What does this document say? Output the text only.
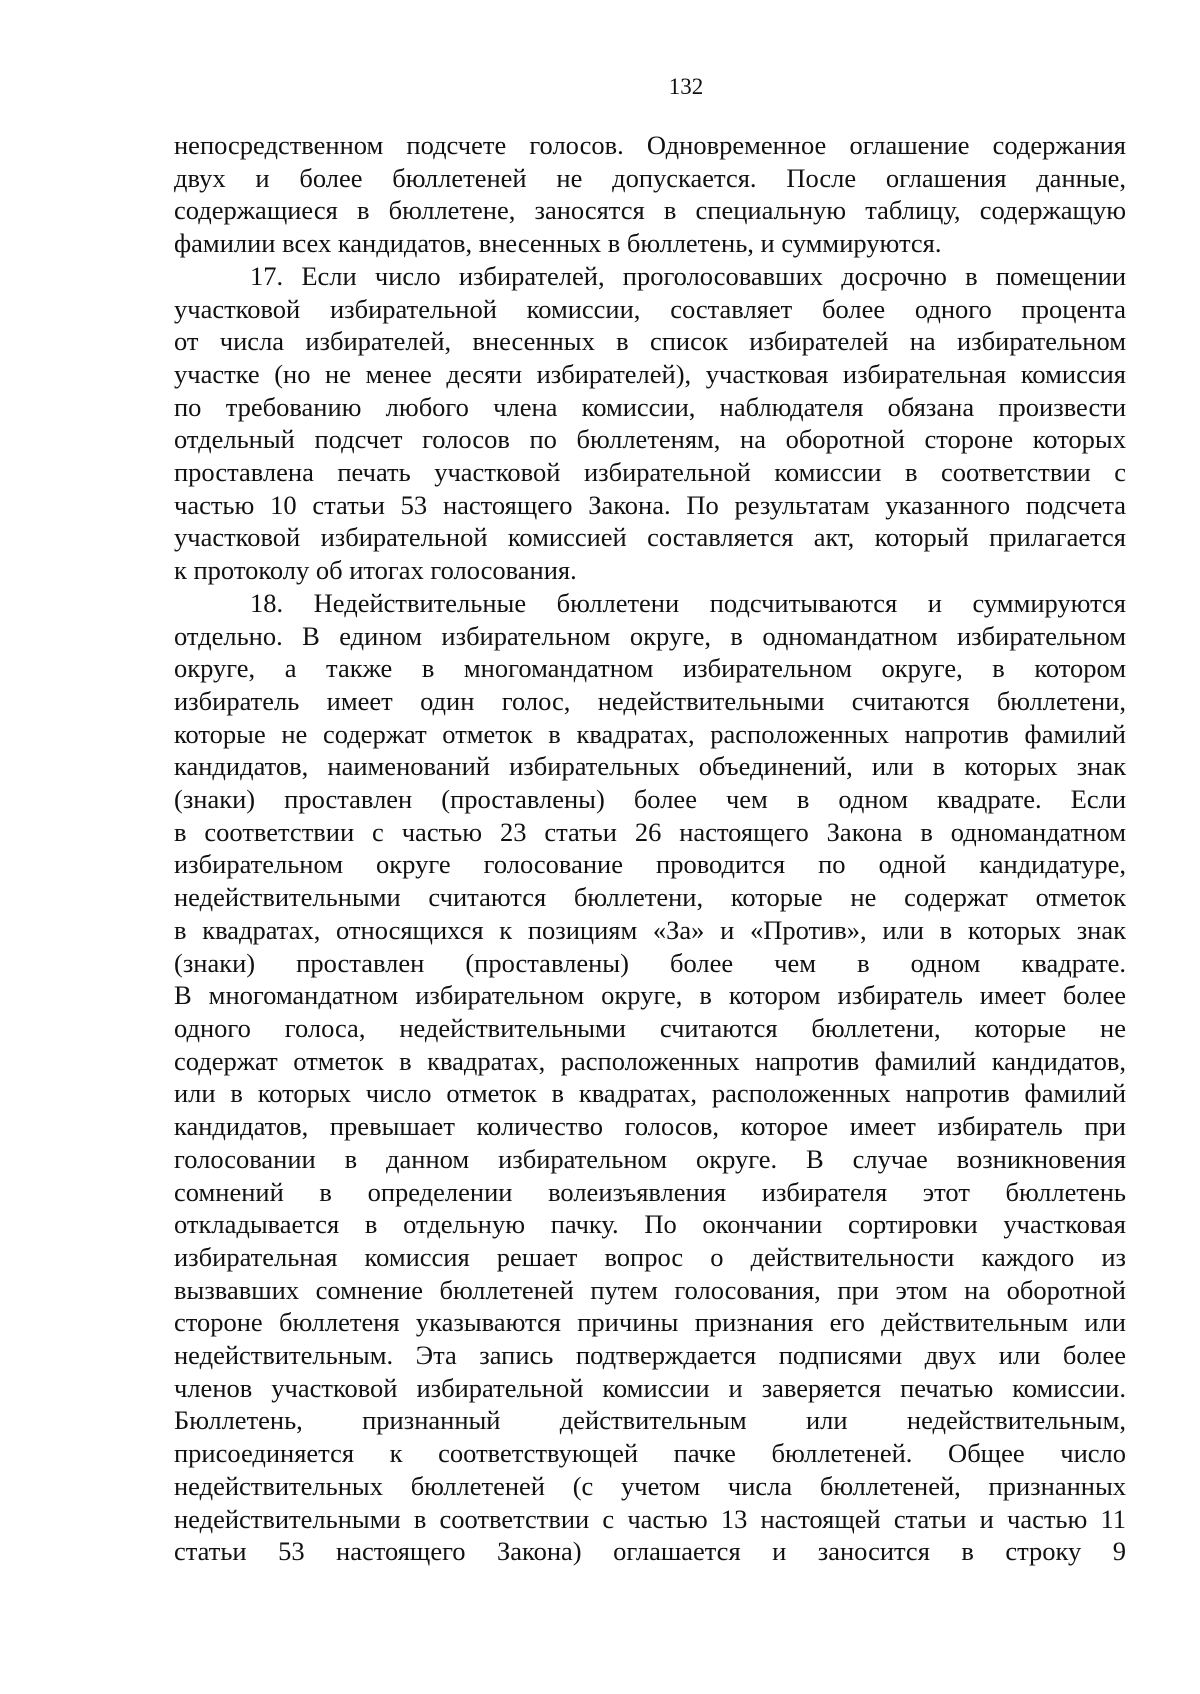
132

непосредственном подсчете голосов. Одновременное оглашение содержания
двух и более бюллетеней не допускается. После оглашения данные,
содержащиеся в бюллетене, заносятся в специальную таблицу, содержащую
фамилии всех кандидатов, внесенных в бюллетень, и суммируются.

17. Если число избирателей, проголосовавших досрочно в помещении
участковой избирательной комиссии, составляет более одного процента
от числа избирателей, внесенных в список избирателей на избирательном
участке (но не менее десяти избирателей), участковая избирательная комиссия
по требованию любого члена комиссии, наблюдателя обязана произвести
отдельный подсчет голосов по бюллетеням, на оборотной стороне которых
проставлена печать участковой избирательной комиссии в соответствии с
частью 10 статьи 53 настоящего Закона. По результатам указанного подсчета
участковой избирательной комиссией составляется акт, который прилагается
к протоколу об итогах голосования.

18. Недействительные бюллетени подсчитываются и суммируются
отдельно. В едином избирательном округе, в одномандатном избирательном
округе, а также в многомандатном избирательном округе, в котором
избиратель имеет один голос, недействительными считаются бюллетени,
которые не содержат отметок в квадратах, расположенных напротив фамилий
кандидатов, наименований избирательных объединений, или в которых знак
(знаки) проставлен (проставлены) более чем в одном квадрате. Если
в соответствии с частью 23 статьи 26 настоящего Закона в одномандатном
избирательном округе голосование проводится по одной кандидатуре,
недействительными считаются бюллетени, которые не содержат отметок
в квадратах, относящихся к позициям «За» и «Против», или в которых знак
(знаки) проставлен (проставлены) более чем в одном квадрате.
В многомандатном избирательном округе, в котором избиратель имеет более
одного голоса, недействительными считаются бюллетени, которые не
содержат отметок в квадратах, расположенных напротив фамилий кандидатов,
или в которых число отметок в квадратах, расположенных напротив фамилий
кандидатов, превышает количество голосов, которое имеет избиратель при
голосовании в данном избирательном округе. В случае возникновения
сомнений в определении волеизъявления избирателя этот бюллетень
откладывается в отдельную пачку. По окончании сортировки участковая
избирательная комиссия решает вопрос о действительности каждого из
вызвавших сомнение бюллетеней путем голосования, при этом на оборотной
стороне бюллетеня указываются причины признания его действительным или
недействительным. Эта запись подтверждается подписями двух или более
членов участковой избирательной комиссии и заверяется печатью комиссии.
Бюллетень, признанный действительным или недействительным,
присоединяется к соответствующей пачке бюллетеней. Общее число
недействительных бюллетеней (с учетом числа бюллетеней, признанных
недействительными в соответствии с частью 13 настоящей статьи и частью 11
статьи 53 настоящего Закона) оглашается и заносится в строку 9
